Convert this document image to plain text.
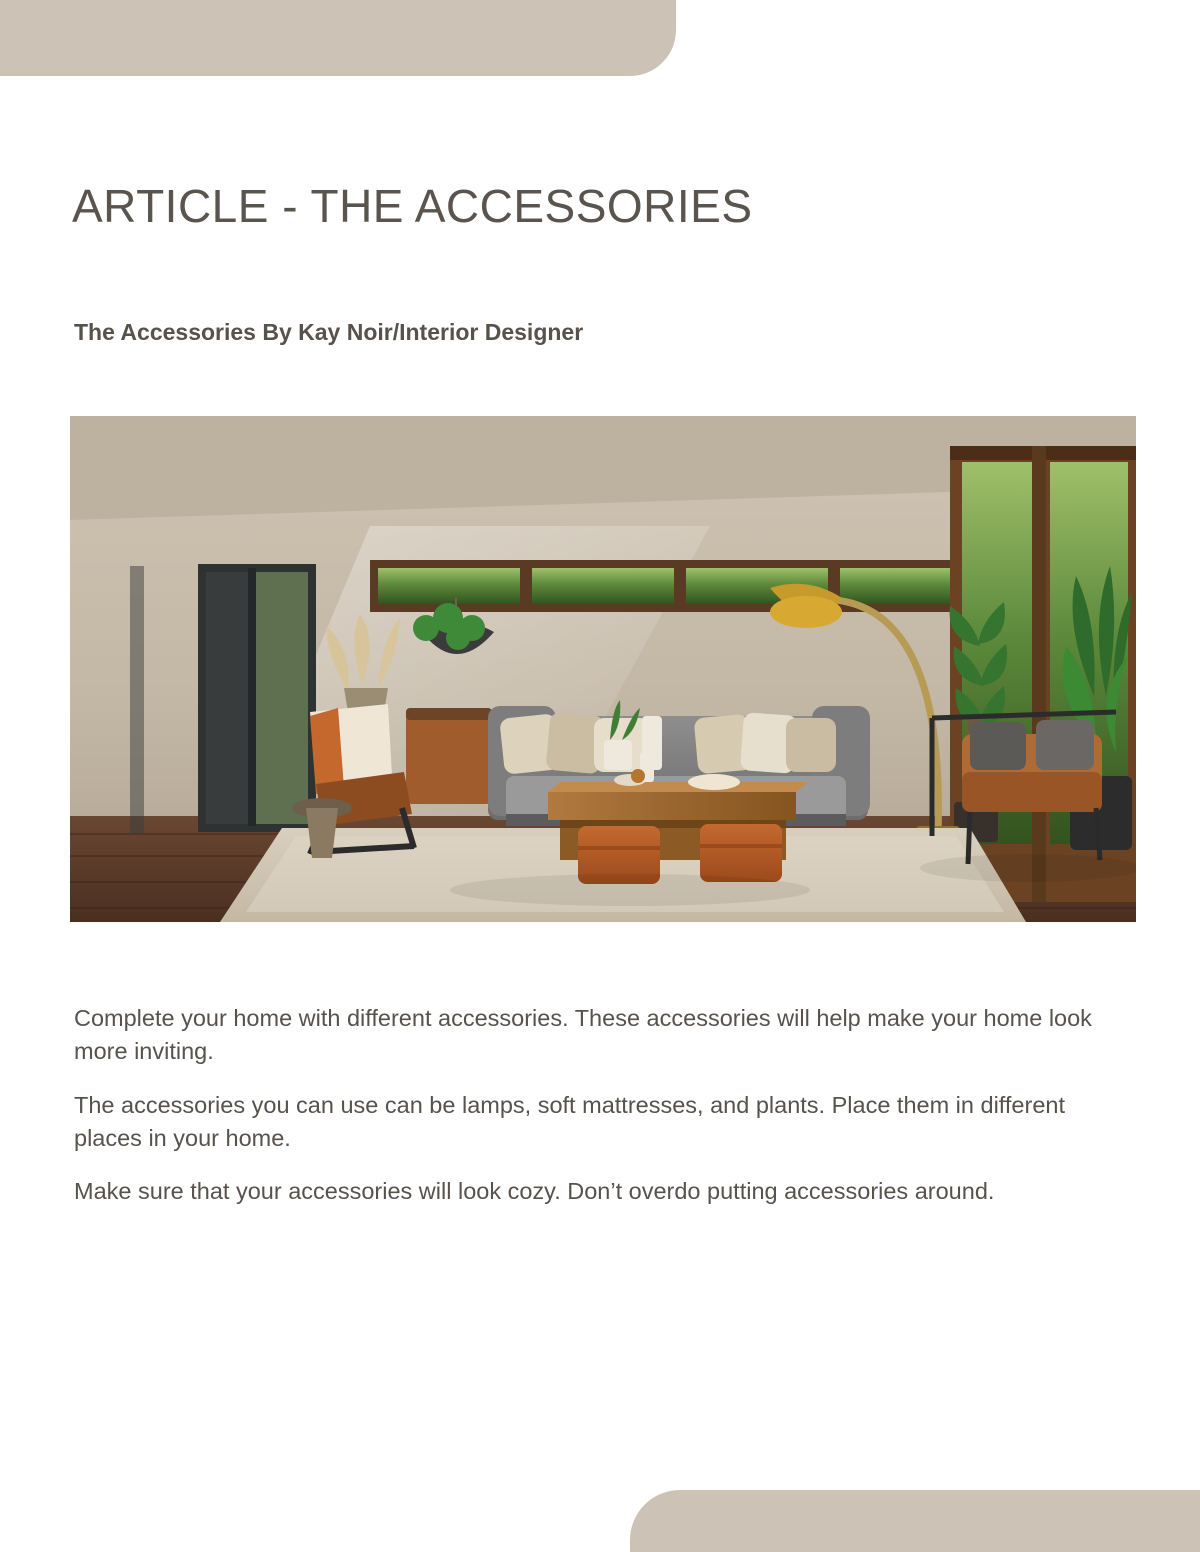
ARTICLE - THE ACCESSORIES
The Accessories By Kay Noir/Interior Designer

Complete your home with different accessories. These accessories will help make your home look more inviting.

The accessories you can use can be lamps, soft mattresses, and plants. Place them in different places in your home.

Make sure that your accessories will look cozy. Don’t overdo putting accessories around.
